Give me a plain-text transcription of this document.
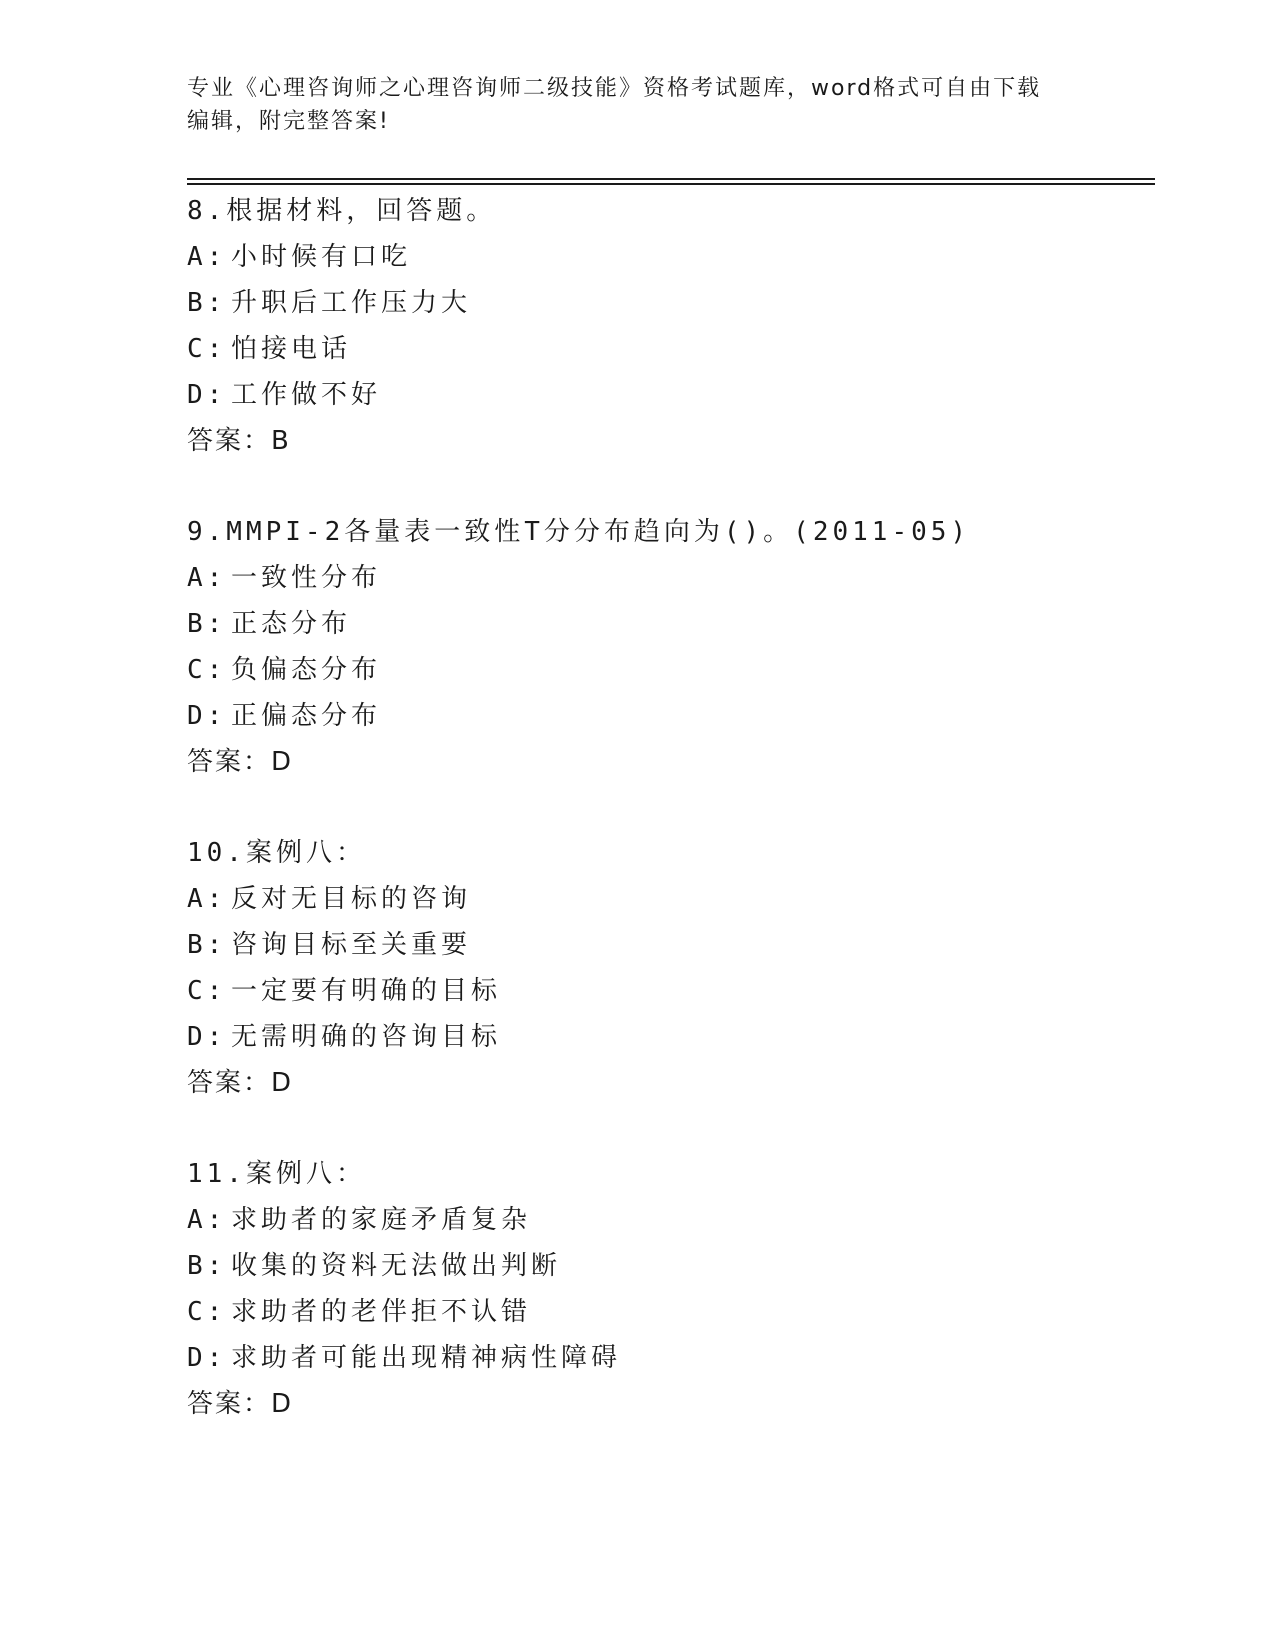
专业《心理咨询师之心理咨询师二级技能》资格考试题库，word格式可自由下载
编辑，附完整答案!
8.根据材料，回答题。
A: 小时候有口吃
B: 升职后工作压力大
C: 怕接电话
D: 工作做不好
答案：B
9.MMPI-2各量表一致性T分分布趋向为()。(2011-05)
A: 一致性分布
B: 正态分布
C: 负偏态分布
D: 正偏态分布
答案：D
10.案例八：
A: 反对无目标的咨询
B: 咨询目标至关重要
C: 一定要有明确的目标
D: 无需明确的咨询目标
答案：D
11.案例八：
A: 求助者的家庭矛盾复杂
B: 收集的资料无法做出判断
C: 求助者的老伴拒不认错
D: 求助者可能出现精神病性障碍
答案：D
